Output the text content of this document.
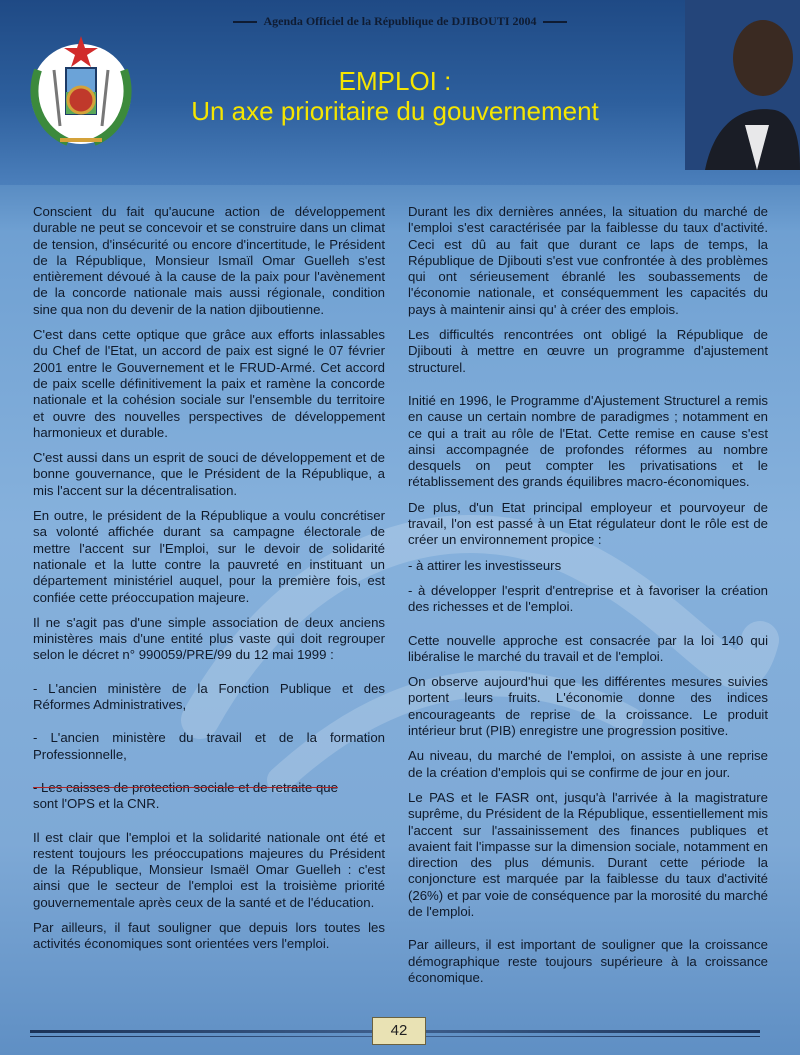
Agenda Officiel de la République de DJIBOUTI 2004
EMPLOI :
Un axe prioritaire du gouvernement

Conscient du fait qu'aucune action de développement durable ne peut se concevoir et se construire dans un climat de tension, d'insécurité ou encore d'incertitude, le Président de la République, Monsieur Ismaïl Omar Guelleh s'est entièrement dévoué à la cause de la paix pour l'avènement de la concorde nationale mais aussi régionale, condition sine qua non du devenir de la nation djiboutienne.

C'est dans cette optique que grâce aux efforts inlassables du Chef de l'Etat, un accord de paix est signé le 07 février 2001 entre le Gouvernement et le FRUD-Armé. Cet accord de paix scelle définitivement la paix et ramène la concorde nationale et la cohésion sociale sur l'ensemble du territoire et ouvre des nouvelles perspectives de développement harmonieux et durable.

C'est aussi dans un esprit de souci de développement et de bonne gouvernance, que le Président de la République, a mis l'accent sur la décentralisation.

En outre, le président de la République a voulu concrétiser sa volonté affichée durant sa campagne électorale de mettre l'accent sur l'Emploi, sur le devoir de solidarité nationale et la lutte contre la pauvreté en instituant un département ministériel auquel, pour la première fois, est confiée cette préoccupation majeure.

Il ne s'agit pas d'une simple association de deux anciens ministères mais d'une entité plus vaste qui doit regrouper selon le décret n° 990059/PRE/99 du 12 mai 1999 :

- L'ancien ministère de la Fonction Publique et des Réformes Administratives,

- L'ancien ministère du travail et de la formation Professionnelle,

- Les caisses de protection sociale et de retraite que

sont l'OPS et la CNR.

Il est clair que l'emploi et la solidarité nationale ont été et restent toujours les préoccupations majeures du Président de la République, Monsieur Ismaël Omar Guelleh : c'est ainsi que le secteur de l'emploi est la troisième priorité gouvernementale après ceux de la santé et de l'éducation.

Par ailleurs, il faut souligner que depuis lors toutes les activités économiques sont orientées vers l'emploi.

Durant les dix dernières années, la situation du marché de l'emploi s'est caractérisée par la faiblesse du taux d'activité. Ceci est dû au fait que durant ce laps de temps, la République de Djibouti s'est vue confrontée à des problèmes qui ont sérieusement ébranlé les soubassements de l'économie nationale, et conséquemment les capacités du pays à maintenir ainsi qu' à créer des emplois.

Les difficultés rencontrées ont obligé la République de Djibouti à mettre en œuvre un programme d'ajustement structurel.

Initié en 1996, le Programme d'Ajustement Structurel a remis en cause un certain nombre de paradigmes ; notamment en ce qui a trait au rôle de l'Etat. Cette remise en cause s'est ainsi accompagnée de profondes réformes au nombre desquels on peut compter les privatisations et le rétablissement des grands équilibres macro-économiques.

De plus, d'un Etat principal employeur et pourvoyeur de travail, l'on est passé à un Etat régulateur dont le rôle est de créer un environnement propice :

- à attirer les investisseurs

- à développer l'esprit d'entreprise et à favoriser la création des richesses et de l'emploi.

Cette nouvelle approche est consacrée par la loi 140 qui libéralise le marché du travail et de l'emploi.

On observe aujourd'hui que les différentes mesures suivies portent leurs fruits. L'économie donne des indices encourageants de reprise de la croissance. Le produit intérieur brut (PIB) enregistre une progression positive.

Au niveau, du marché de l'emploi, on assiste à une reprise de la création d'emplois qui se confirme de jour en jour.

Le PAS et le FASR ont, jusqu'à l'arrivée à la magistrature suprême, du Président de la République, essentiellement mis l'accent sur l'assainissement des finances publiques et avaient fait l'impasse sur la dimension sociale, notamment en direction des plus démunis. Durant cette période la conjoncture est marquée par la faiblesse du taux d'activité (26%) et par voie de conséquence par la morosité du marché de l'emploi.

Par ailleurs, il est important de souligner que la croissance démographique reste toujours supérieure à la croissance économique.

42
